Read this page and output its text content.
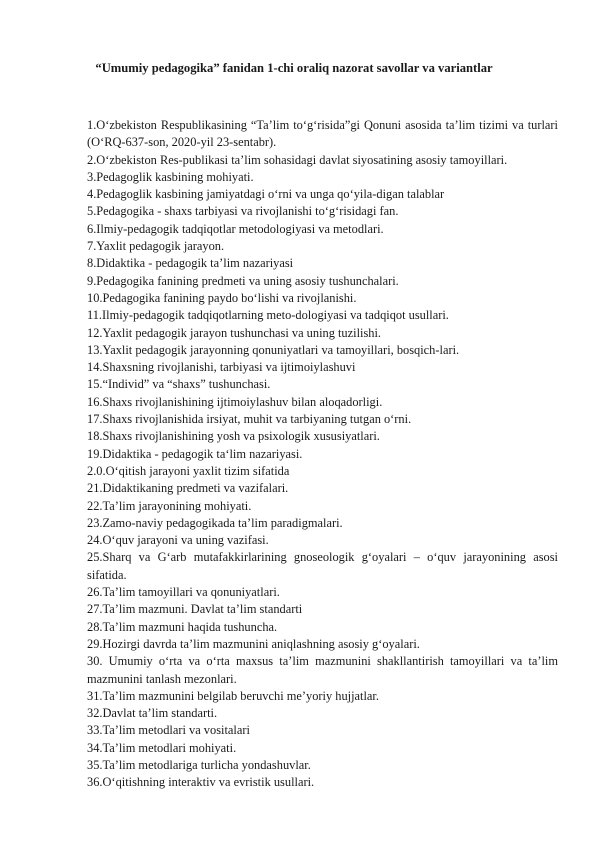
“Umumiy pedagogika” fanidan 1-chi oraliq nazorat savollar va variantlar
1.O‘zbekiston Respublikasining “Ta’lim to‘g‘risida”gi Qonuni asosida ta’lim tizimi va turlari (O‘RQ-637-son, 2020-yil 23-sentabr).
2.O‘zbekiston Res-publikasi ta’lim sohasidagi davlat siyosatining asosiy tamoyillari.
3.Pedagoglik kasbining mohiyati.
4.Pedagoglik kasbining jamiyatdagi o‘rni va unga qo‘yila-digan talablar
5.Pedagogika - shaxs tarbiyasi va rivojlanishi to‘g‘risidagi fan.
6.Ilmiy-pedagogik tadqiqotlar metodologiyasi va metodlari.
7.Yaxlit pedagogik jarayon.
8.Didaktika - pedagogik ta’lim nazariyasi
9.Pedagogika fanining predmeti va uning asosiy tushunchalari.
10.Pedagogika fanining paydo bo‘lishi va rivojlanishi.
11.Ilmiy-pedagogik tadqiqotlarning meto-dologiyasi va tadqiqot usullari.
12.Yaxlit pedagogik jarayon tushunchasi va uning tuzilishi.
13.Yaxlit pedagogik jarayonning qonuniyatlari va tamoyillari, bosqich-lari.
14.Shaxsning rivojlanishi, tarbiyasi va ijtimoiylashuvi
15.“Individ” va “shaxs” tushunchasi.
16.Shaxs rivojlanishining ijtimoiylashuv bilan aloqadorligi.
17.Shaxs rivojlanishida irsiyat, muhit va tarbiyaning tutgan o‘rni.
18.Shaxs rivojlanishining yosh va psixologik xususiyatlari.
19.Didaktika - pedagogik ta‘lim nazariyasi.
2.0.O‘qitish jarayoni yaxlit tizim sifatida
21.Didaktikaning predmeti va vazifalari.
22.Ta’lim jarayonining mohiyati.
23.Zamo-naviy pedagogikada ta’lim paradigmalari.
24.O‘quv jarayoni va uning vazifasi.
25.Sharq va G‘arb mutafakkirlarining gnoseologik g‘oyalari – o‘quv jarayonining asosi sifatida.
26.Ta’lim tamoyillari va qonuniyatlari.
27.Ta’lim mazmuni. Davlat ta’lim standarti
28.Ta’lim mazmuni haqida tushuncha.
29.Hozirgi davrda ta’lim mazmunini aniqlashning asosiy g‘oyalari.
30. Umumiy o‘rta va o‘rta maxsus ta’lim mazmunini shakllantirish tamoyillari va ta’lim mazmunini tanlash mezonlari.
31.Ta’lim mazmunini belgilab beruvchi me’yoriy hujjatlar.
32.Davlat ta’lim standarti.
33.Ta’lim metodlari va vositalari
34.Ta’lim metodlari mohiyati.
35.Ta’lim metodlariga turlicha yondashuvlar.
36.O‘qitishning interaktiv va evristik usullari.
